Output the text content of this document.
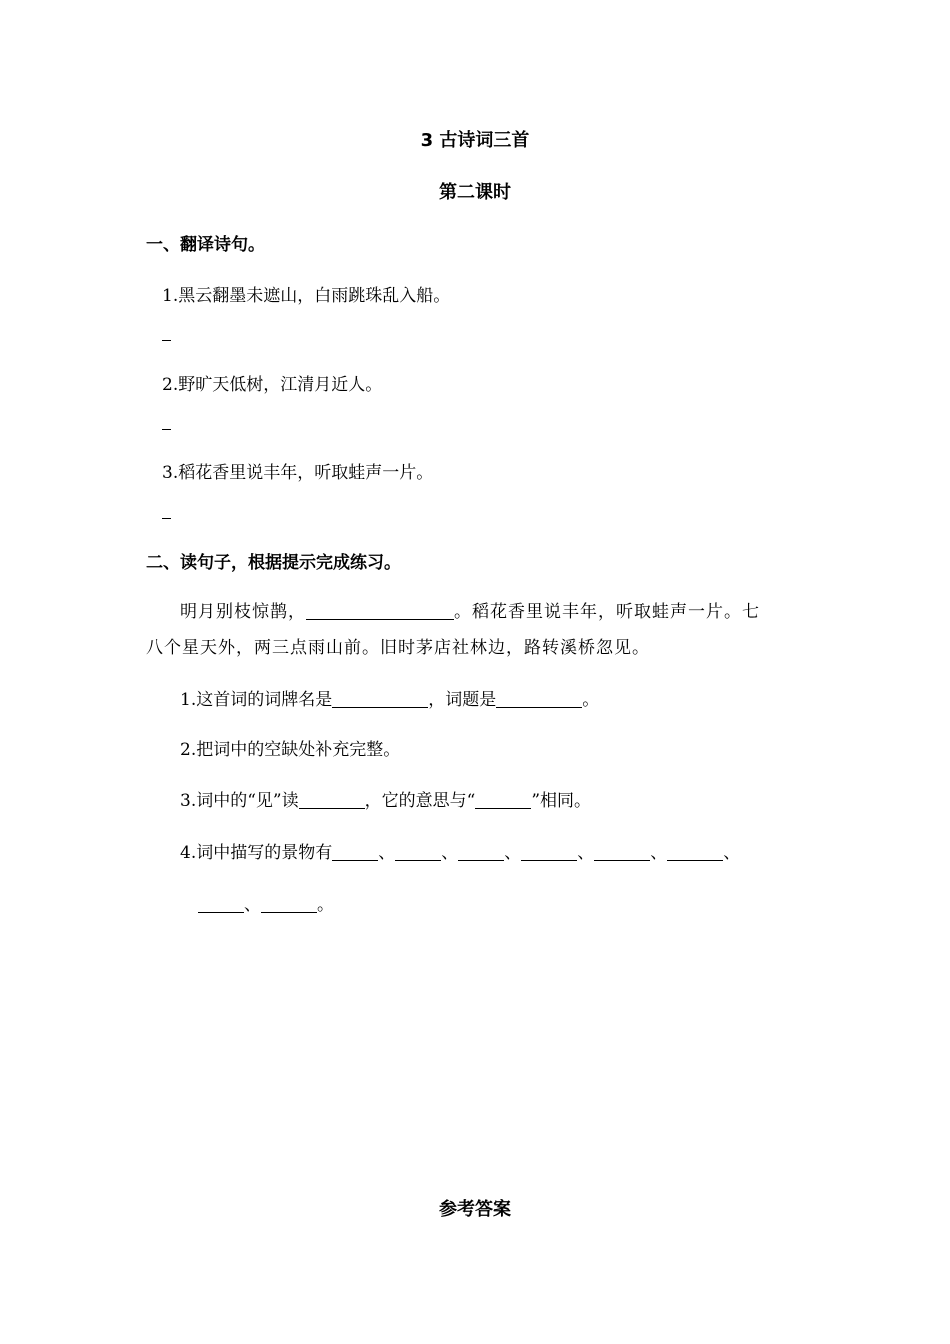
3 古诗词三首
第二课时
一、翻译诗句。
1.黑云翻墨未遮山，白雨跳珠乱入船。
2.野旷天低树，江清月近人。
3.稻花香里说丰年，听取蛙声一片。
二、读句子，根据提示完成练习。
明月别枝惊鹊，	。稻花香里说丰年，听取蛙声一片。七
八个星天外，两三点雨山前。旧时茅店社林边，路转溪桥忽见。
1.这首词的词牌名是	，词题是	。
2.把词中的空缺处补充完整。
3.词中的“见”读	，它的意思与“	”相同。
4.词中描写的景物有	、	、	、	、	、	、
、	。
参考答案
